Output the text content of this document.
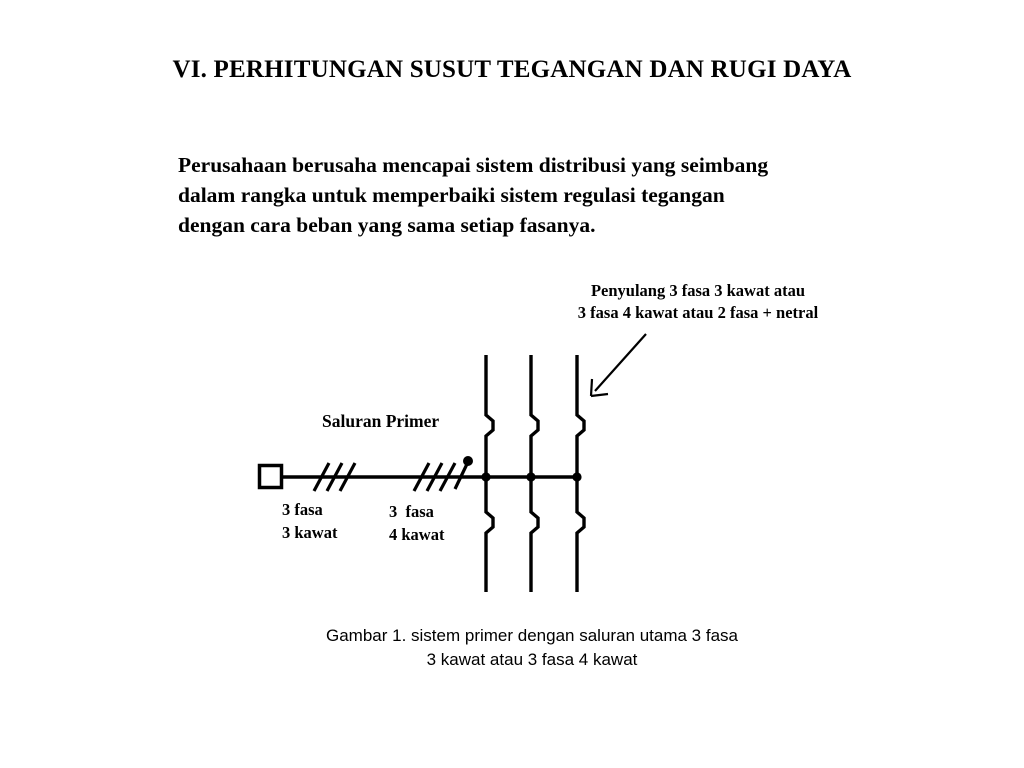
VI. PERHITUNGAN SUSUT TEGANGAN DAN RUGI DAYA
Perusahaan berusaha mencapai sistem distribusi yang seimbang
dalam rangka untuk memperbaiki sistem regulasi tegangan
dengan cara beban yang sama setiap fasanya.
Penyulang 3 fasa 3 kawat atau
3 fasa 4 kawat atau 2 fasa + netral
Saluran Primer
3 fasa
3 kawat
3  fasa
4 kawat
Gambar 1. sistem primer dengan saluran utama 3 fasa
3 kawat atau 3 fasa 4 kawat
